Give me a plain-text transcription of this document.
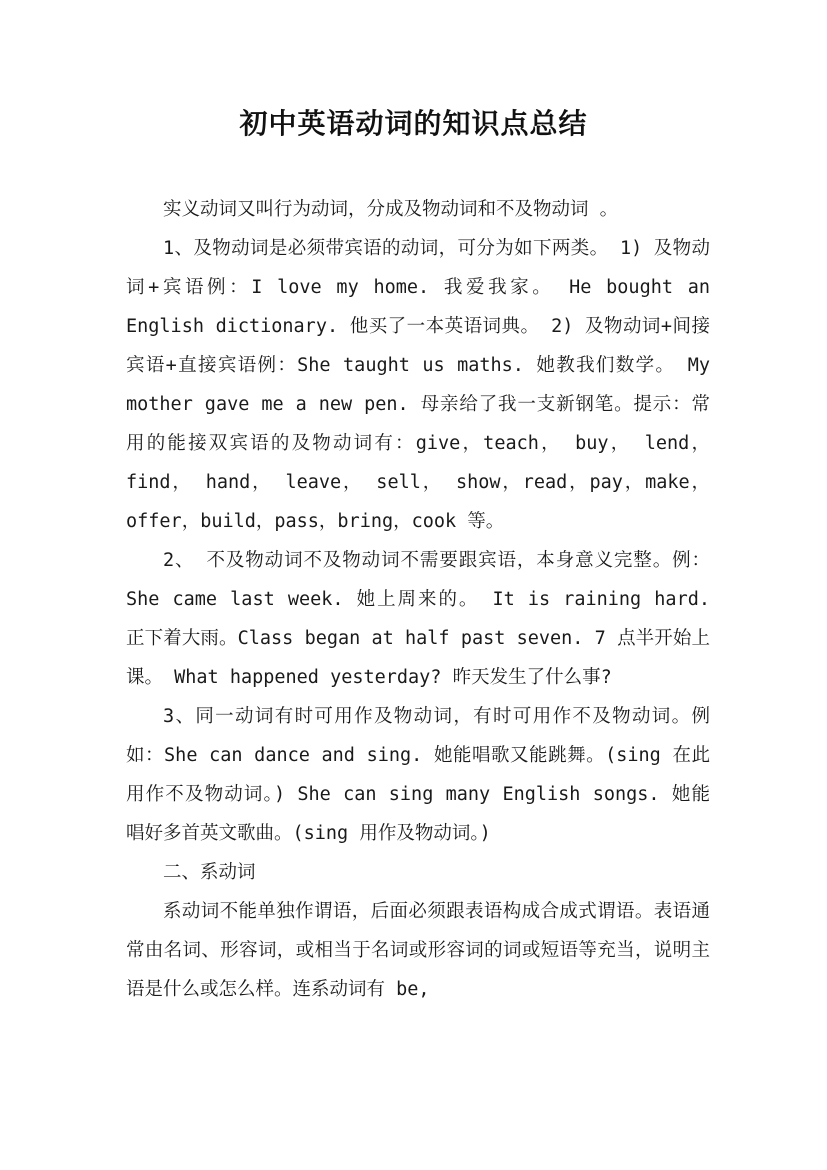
初中英语动词的知识点总结

实义动词又叫行为动词，分成及物动词和不及物动词 。

1、及物动词是必须带宾语的动词，可分为如下两类。 1) 及物动词+宾语例：I love my home. 我爱我家。 He bought an English dictionary. 他买了一本英语词典。 2) 及物动词+间接宾语+直接宾语例：She taught us maths. 她教我们数学。 My mother gave me a new pen. 母亲给了我一支新钢笔。提示：常用的能接双宾语的及物动词有：give，teach， buy， lend， find， hand， leave， sell， show，read，pay，make，offer，build，pass，bring，cook 等。

2、 不及物动词不及物动词不需要跟宾语，本身意义完整。例：She came last week. 她上周来的。 It is raining hard. 正下着大雨。Class began at half past seven. 7 点半开始上课。 What happened yesterday? 昨天发生了什么事?

3、同一动词有时可用作及物动词，有时可用作不及物动词。例如：She can dance and sing. 她能唱歌又能跳舞。(sing 在此用作不及物动词。) She can sing many English songs. 她能唱好多首英文歌曲。(sing 用作及物动词。)

二、系动词

系动词不能单独作谓语，后面必须跟表语构成合成式谓语。表语通常由名词、形容词，或相当于名词或形容词的词或短语等充当，说明主语是什么或怎么样。连系动词有 be,
